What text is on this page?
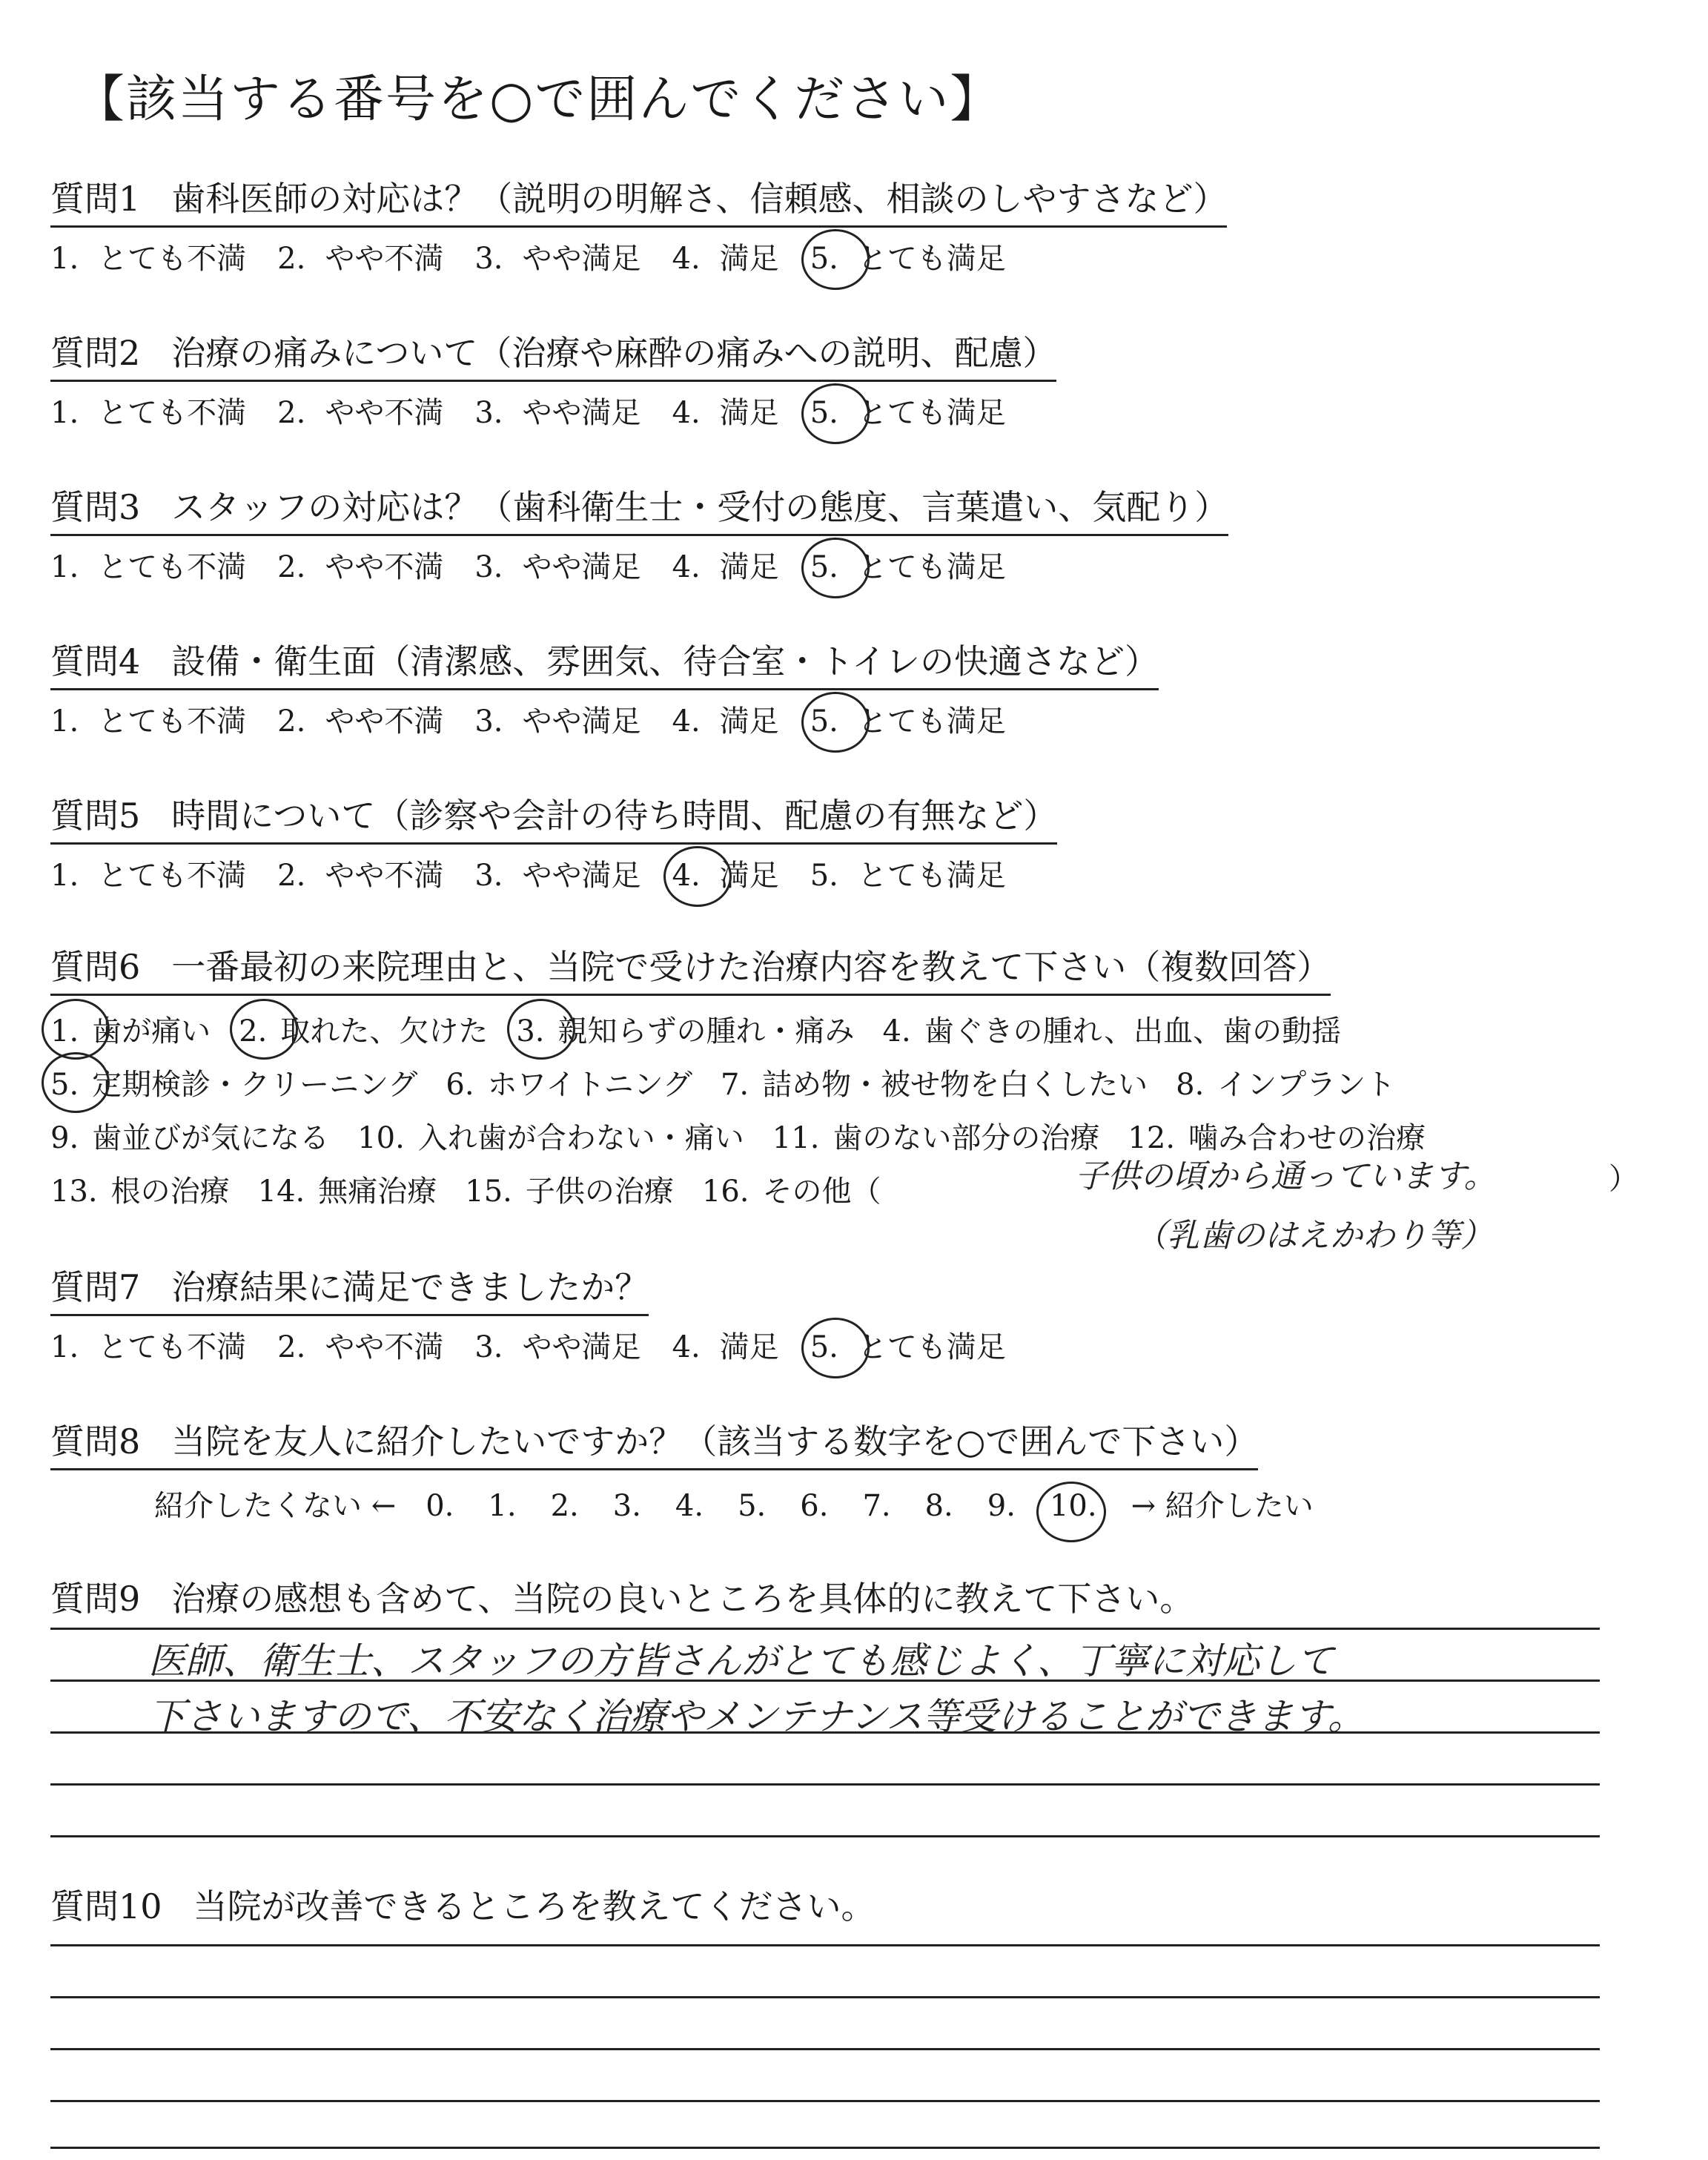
【該当する番号を○で囲んでください】
質問1 歯科医師の対応は？（説明の明解さ、信頼感、相談のしやすさなど）
1. とても不満 2. やや不満 3. やや満足 4. 満足 5. とても満足
質問2 治療の痛みについて（治療や麻酔の痛みへの説明、配慮）
1. とても不満 2. やや不満 3. やや満足 4. 満足 5. とても満足
質問3 スタッフの対応は？（歯科衛生士・受付の態度、言葉遣い、気配り）
1. とても不満 2. やや不満 3. やや満足 4. 満足 5. とても満足
質問4 設備・衛生面（清潔感、雰囲気、待合室・トイレの快適さなど）
1. とても不満 2. やや不満 3. やや満足 4. 満足 5. とても満足
質問5 時間について（診察や会計の待ち時間、配慮の有無など）
1. とても不満 2. やや不満 3. やや満足 4. 満足 5. とても満足
質問6 一番最初の来院理由と、当院で受けた治療内容を教えて下さい（複数回答）
1. 歯が痛い 2. 取れた、欠けた 3. 親知らずの腫れ・痛み 4. 歯ぐきの腫れ、出血、歯の動揺
5. 定期検診・クリーニング 6. ホワイトニング 7. 詰め物・被せ物を白くしたい 8. インプラント
9. 歯並びが気になる 10. 入れ歯が合わない・痛い 11. 歯のない部分の治療 12. 噛み合わせの治療
13. 根の治療 14. 無痛治療 15. 子供の治療 16. その他（	子供の頃から通っています。
（乳歯のはえかわり等）
）
質問7 治療結果に満足できましたか？
1. とても不満 2. やや不満 3. やや満足 4. 満足 5. とても満足
質問8 当院を友人に紹介したいですか？（該当する数字を○で囲んで下さい）
紹介したくない ← 0. 1. 2. 3. 4. 5. 6. 7. 8. 9. 10. → 紹介したい
質問9 治療の感想も含めて、当院の良いところを具体的に教えて下さい。
医師、衛生士、スタッフの方皆さんがとても感じよく、丁寧に対応して
下さいますので、不安なく治療やメンテナンス等受けることができます。
質問10 当院が改善できるところを教えてください。
